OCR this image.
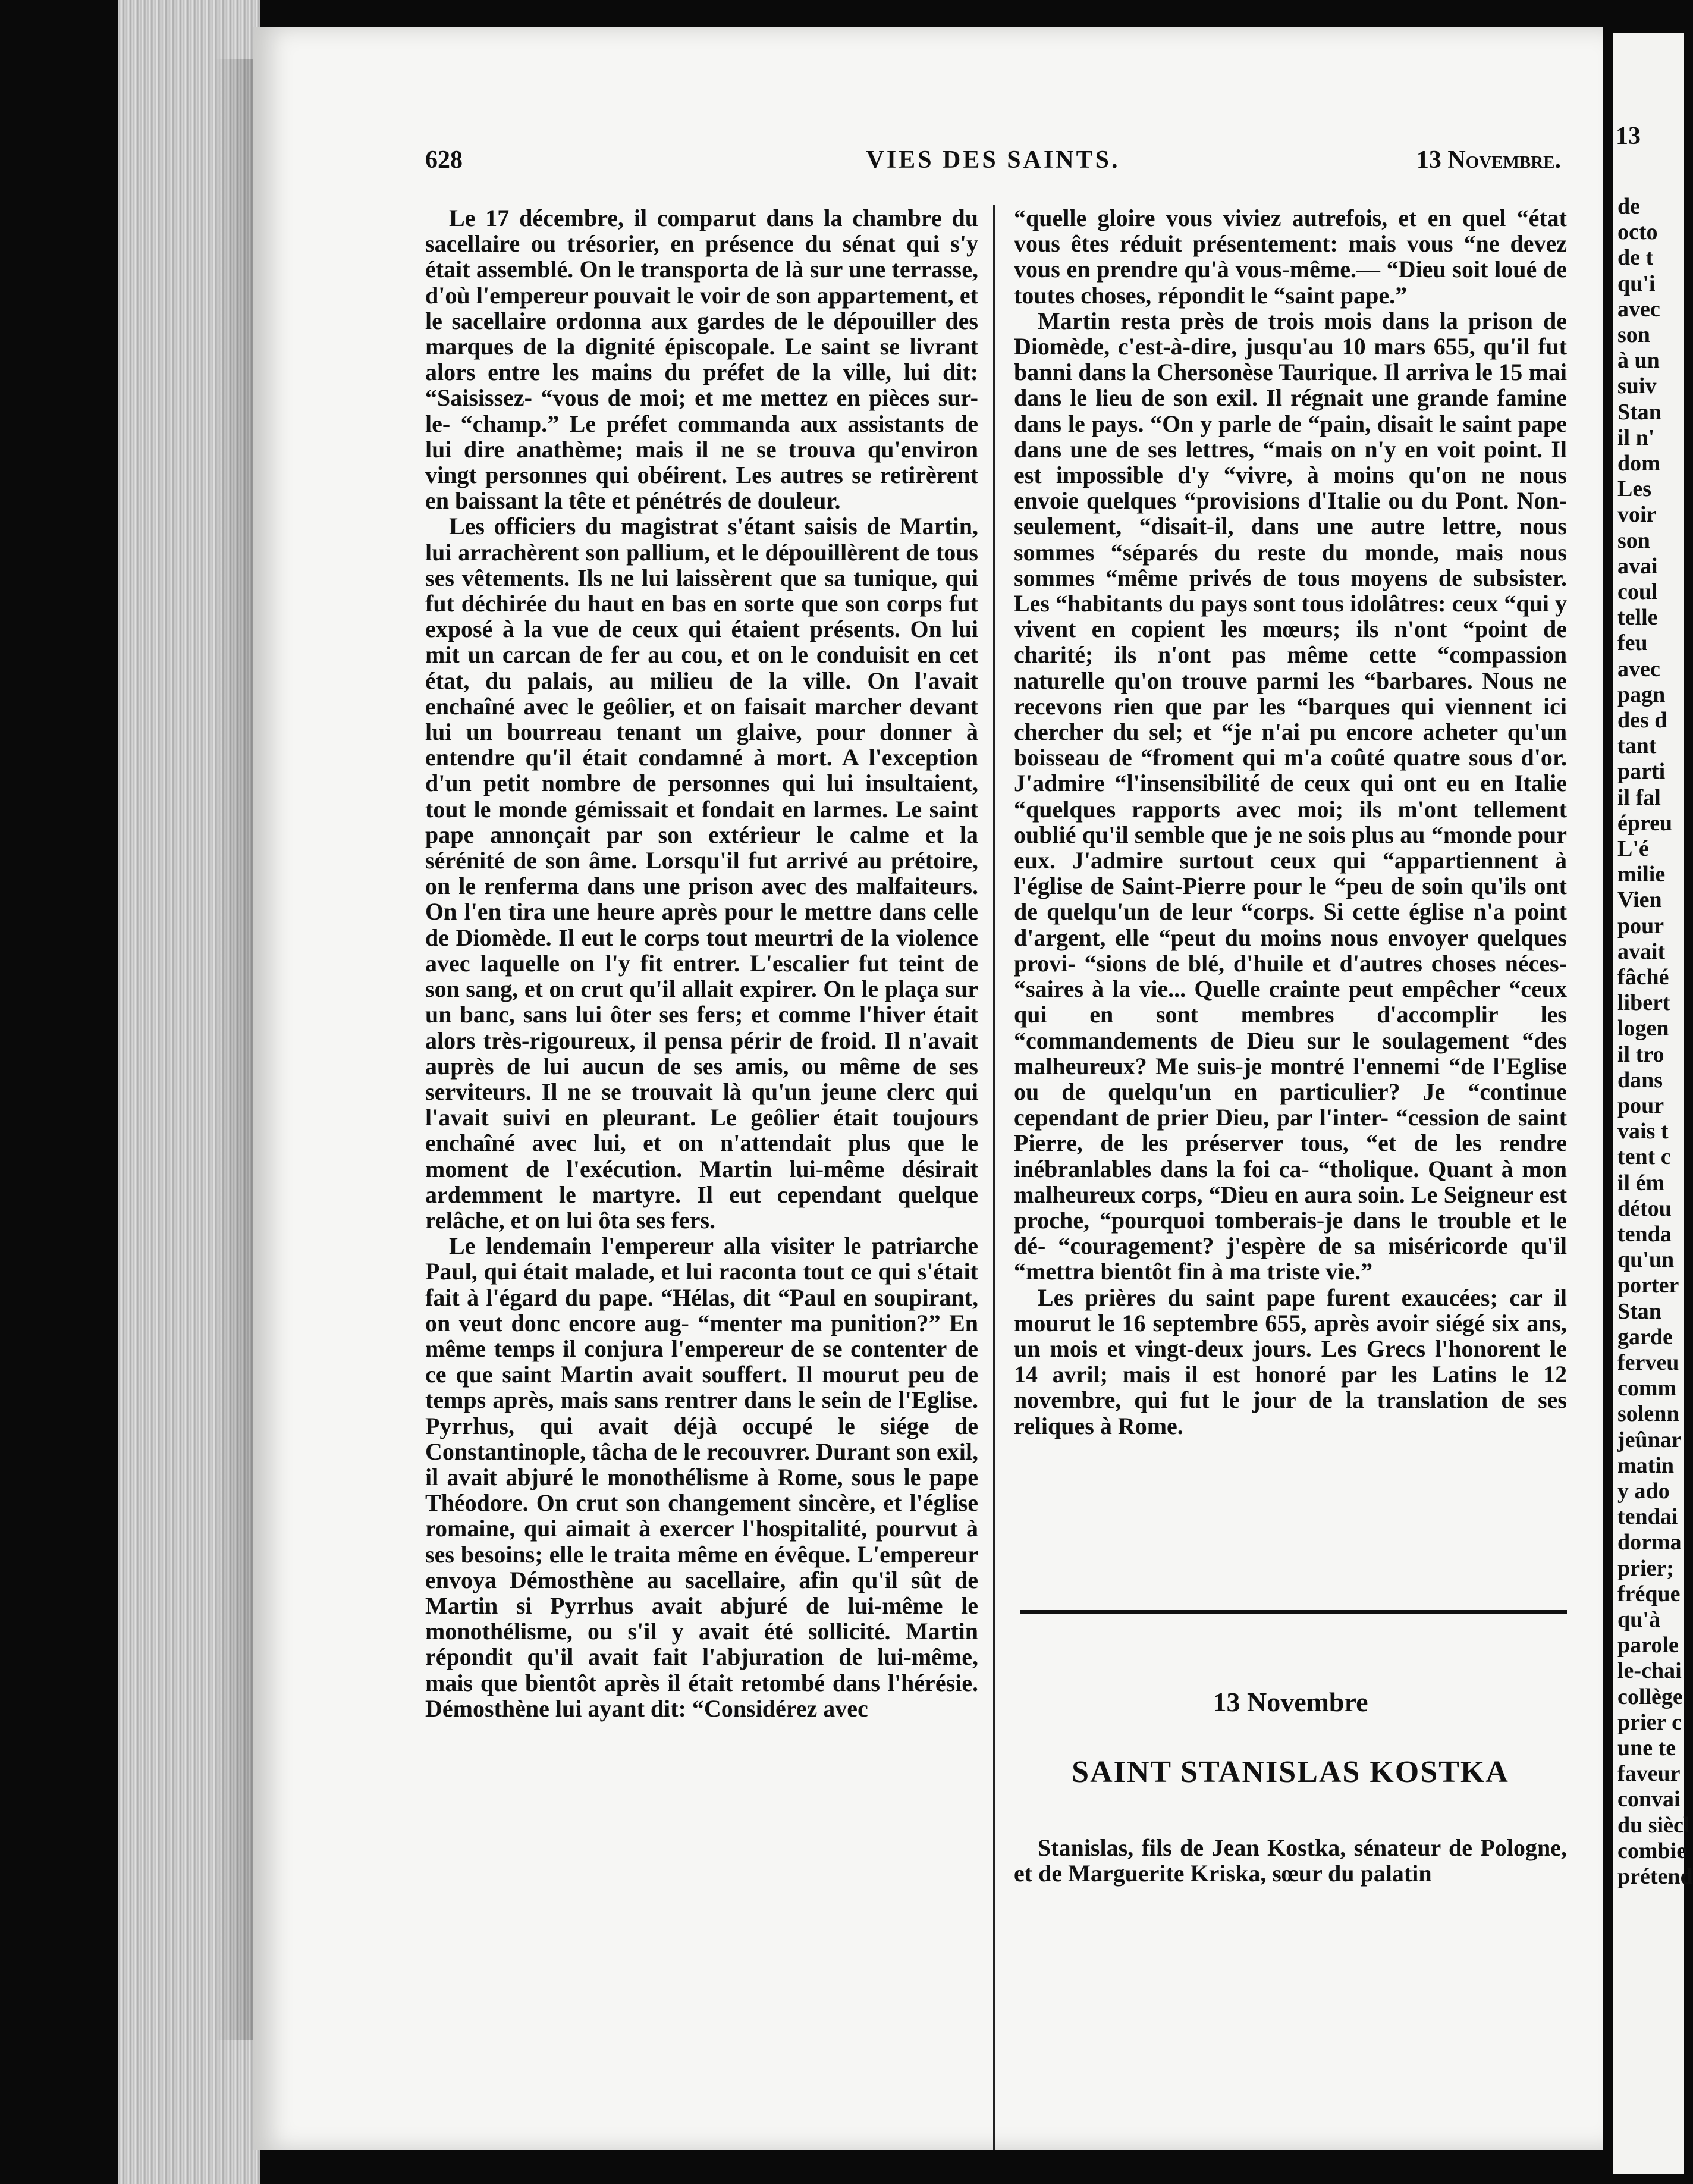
628	VIES DES SAINTS.	13 Novembre.

Le 17 décembre, il comparut dans la chambre du sacellaire ou trésorier, en présence du sénat qui s'y était assemblé. On le transporta de là sur une terrasse, d'où l'empereur pouvait le voir de son appartement, et le sacellaire ordonna aux gardes de le dépouiller des marques de la dignité épiscopale. Le saint se livrant alors entre les mains du préfet de la ville, lui dit: “Saisissez- “vous de moi; et me mettez en pièces sur-le- “champ.” Le préfet commanda aux assistants de lui dire anathème; mais il ne se trouva qu'environ vingt personnes qui obéirent. Les autres se retirèrent en baissant la tête et pénétrés de douleur.

Les officiers du magistrat s'étant saisis de Martin, lui arrachèrent son pallium, et le dépouillèrent de tous ses vêtements. Ils ne lui laissèrent que sa tunique, qui fut déchirée du haut en bas en sorte que son corps fut exposé à la vue de ceux qui étaient présents. On lui mit un carcan de fer au cou, et on le conduisit en cet état, du palais, au milieu de la ville. On l'avait enchaîné avec le geôlier, et on faisait marcher devant lui un bourreau tenant un glaive, pour donner à entendre qu'il était condamné à mort. A l'exception d'un petit nombre de personnes qui lui insultaient, tout le monde gémissait et fondait en larmes. Le saint pape annonçait par son extérieur le calme et la sérénité de son âme. Lorsqu'il fut arrivé au prétoire, on le renferma dans une prison avec des malfaiteurs. On l'en tira une heure après pour le mettre dans celle de Diomède. Il eut le corps tout meurtri de la violence avec laquelle on l'y fit entrer. L'escalier fut teint de son sang, et on crut qu'il allait expirer. On le plaça sur un banc, sans lui ôter ses fers; et comme l'hiver était alors très-rigoureux, il pensa périr de froid. Il n'avait auprès de lui aucun de ses amis, ou même de ses serviteurs. Il ne se trouvait là qu'un jeune clerc qui l'avait suivi en pleurant. Le geôlier était toujours enchaîné avec lui, et on n'attendait plus que le moment de l'exécution. Martin lui-même désirait ardemment le martyre. Il eut cependant quelque relâche, et on lui ôta ses fers.

Le lendemain l'empereur alla visiter le patriarche Paul, qui était malade, et lui raconta tout ce qui s'était fait à l'égard du pape. “Hélas, dit “Paul en soupirant, on veut donc encore aug- “menter ma punition?” En même temps il conjura l'empereur de se contenter de ce que saint Martin avait souffert. Il mourut peu de temps après, mais sans rentrer dans le sein de l'Eglise. Pyrrhus, qui avait déjà occupé le siége de Constantinople, tâcha de le recouvrer. Durant son exil, il avait abjuré le monothélisme à Rome, sous le pape Théodore. On crut son changement sincère, et l'église romaine, qui aimait à exercer l'hospitalité, pourvut à ses besoins; elle le traita même en évêque. L'empereur envoya Démosthène au sacellaire, afin qu'il sût de Martin si Pyrrhus avait abjuré de lui-même le monothélisme, ou s'il y avait été sollicité. Martin répondit qu'il avait fait l'abjuration de lui-même, mais que bientôt après il était retombé dans l'hérésie. Démosthène lui ayant dit: “Considérez avec

“quelle gloire vous viviez autrefois, et en quel “état vous êtes réduit présentement: mais vous “ne devez vous en prendre qu'à vous-même.— “Dieu soit loué de toutes choses, répondit le “saint pape.”

Martin resta près de trois mois dans la prison de Diomède, c'est-à-dire, jusqu'au 10 mars 655, qu'il fut banni dans la Chersonèse Taurique. Il arriva le 15 mai dans le lieu de son exil. Il régnait une grande famine dans le pays. “On y parle de “pain, disait le saint pape dans une de ses lettres, “mais on n'y en voit point. Il est impossible d'y “vivre, à moins qu'on ne nous envoie quelques “provisions d'Italie ou du Pont. Non-seulement, “disait-il, dans une autre lettre, nous sommes “séparés du reste du monde, mais nous sommes “même privés de tous moyens de subsister. Les “habitants du pays sont tous idolâtres: ceux “qui y vivent en copient les mœurs; ils n'ont “point de charité; ils n'ont pas même cette “compassion naturelle qu'on trouve parmi les “barbares. Nous ne recevons rien que par les “barques qui viennent ici chercher du sel; et “je n'ai pu encore acheter qu'un boisseau de “froment qui m'a coûté quatre sous d'or. J'admire “l'insensibilité de ceux qui ont eu en Italie “quelques rapports avec moi; ils m'ont tellement oublié qu'il semble que je ne sois plus au “monde pour eux. J'admire surtout ceux qui “appartiennent à l'église de Saint-Pierre pour le “peu de soin qu'ils ont de quelqu'un de leur “corps. Si cette église n'a point d'argent, elle “peut du moins nous envoyer quelques provi- “sions de blé, d'huile et d'autres choses néces- “saires à la vie... Quelle crainte peut empêcher “ceux qui en sont membres d'accomplir les “commandements de Dieu sur le soulagement “des malheureux? Me suis-je montré l'ennemi “de l'Eglise ou de quelqu'un en particulier? Je “continue cependant de prier Dieu, par l'inter- “cession de saint Pierre, de les préserver tous, “et de les rendre inébranlables dans la foi ca- “tholique. Quant à mon malheureux corps, “Dieu en aura soin. Le Seigneur est proche, “pourquoi tomberais-je dans le trouble et le dé- “couragement? j'espère de sa miséricorde qu'il “mettra bientôt fin à ma triste vie.”

Les prières du saint pape furent exaucées; car il mourut le 16 septembre 655, après avoir siégé six ans, un mois et vingt-deux jours. Les Grecs l'honorent le 14 avril; mais il est honoré par les Latins le 12 novembre, qui fut le jour de la translation de ses reliques à Rome.

13 Novembre
SAINT STANISLAS KOSTKA

Stanislas, fils de Jean Kostka, sénateur de Pologne, et de Marguerite Kriska, sœur du palatin

13
de
octo
de t
qu'i
avec
son
à un
suiv
Stan
il n'
dom
Les
voir
son
avai
coul
telle
feu
avec
pagn
des d
tant
parti
il fal
épreu
L'é
milie
Vien
pour
avait
fâché
libert
logen
il tro
dans
pour
vais t
tent c
il ém
détou
tenda
qu'un
porter
Stan
garde
ferveu
comm
solenn
jeûnar
matin
y ado
tendai
dorma
prier;
fréque
qu'à
parole
le-chai
collège
prier c
une te
faveur
convai
du siècl
combie
prétend
